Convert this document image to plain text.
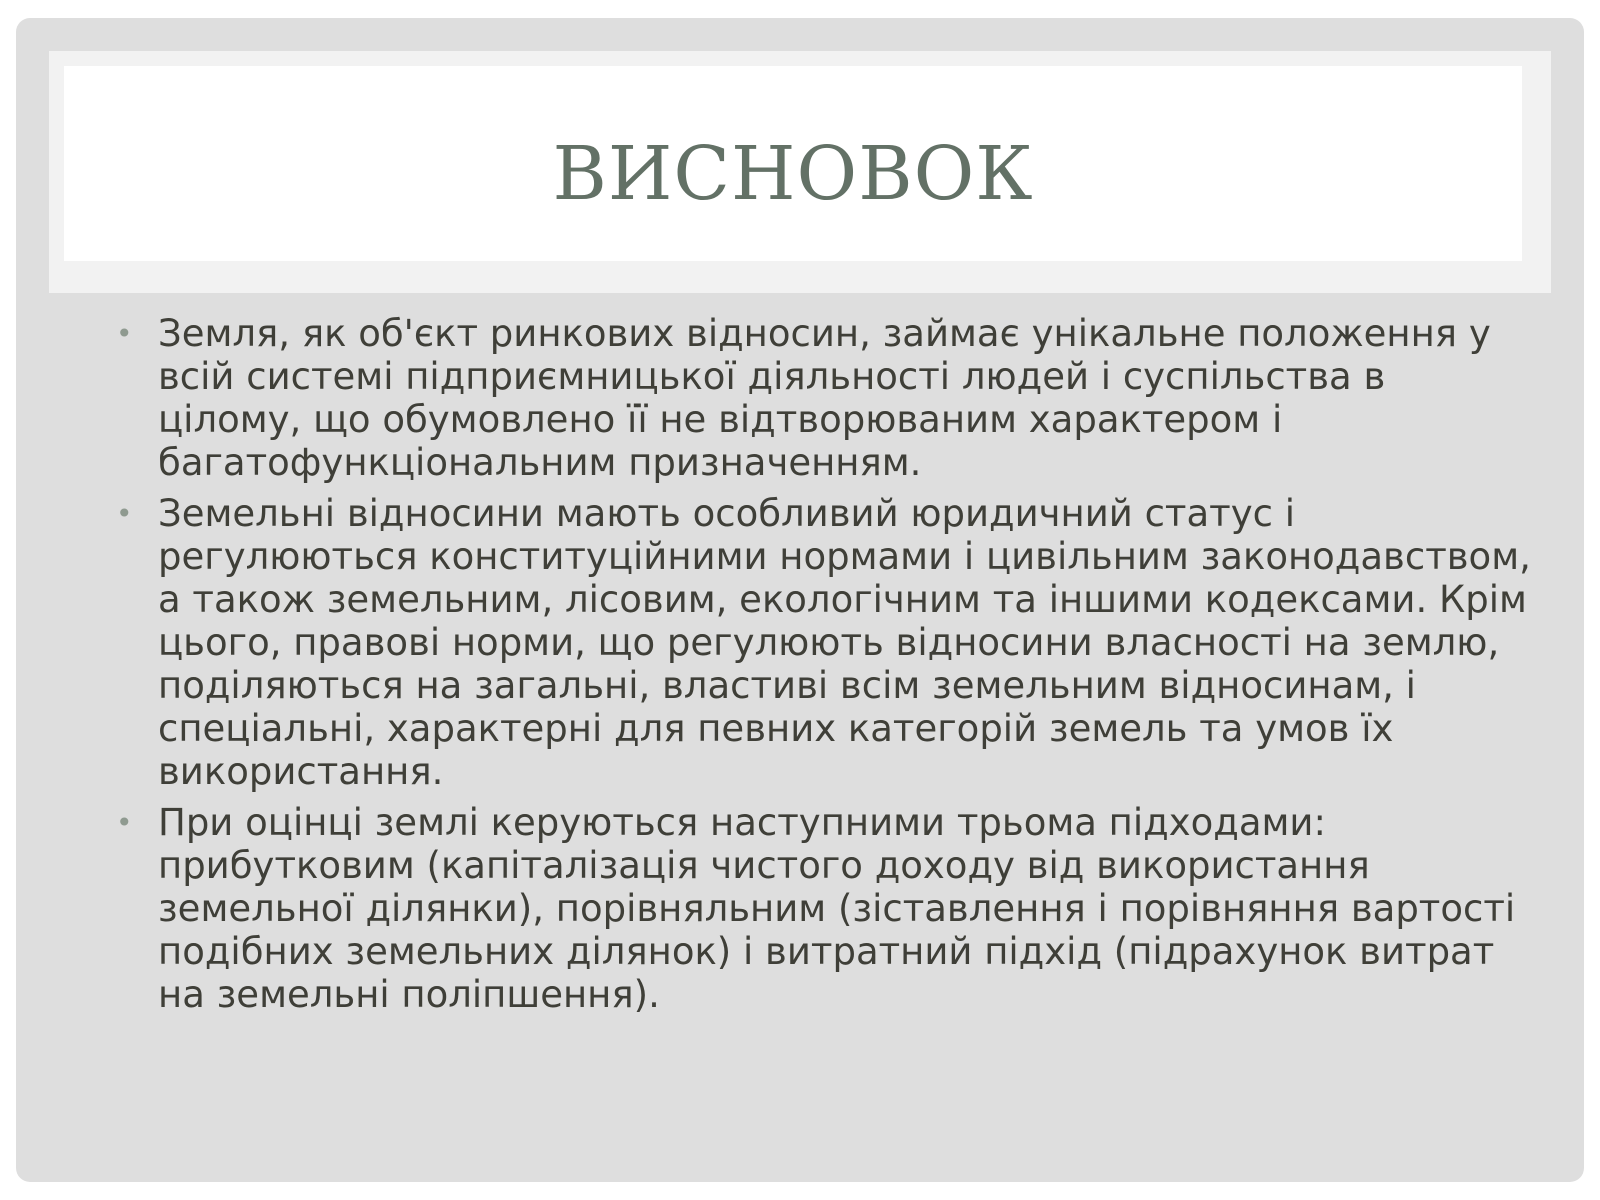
ВИСНОВОК
• Земля, як об'єкт ринкових відносин, займає унікальне положення у всій системі підприємницької діяльності людей і суспільства в цілому, що обумовлено її не відтворюваним характером і багатофункціональним призначенням.
• Земельні відносини мають особливий юридичний статус і регулюються конституційними нормами і цивільним законодавством, а також земельним, лісовим, екологічним та іншими кодексами. Крім цього, правові норми, що регулюють відносини власності на землю, поділяються на загальні, властиві всім земельним відносинам, і спеціальні, характерні для певних категорій земель та умов їх використання.
• При оцінці землі керуються наступними трьома підходами: прибутковим (капіталізація чистого доходу від використання земельної ділянки), порівняльним (зіставлення і порівняння вартості подібних земельних ділянок) і витратний підхід (підрахунок витрат на земельні поліпшення).
